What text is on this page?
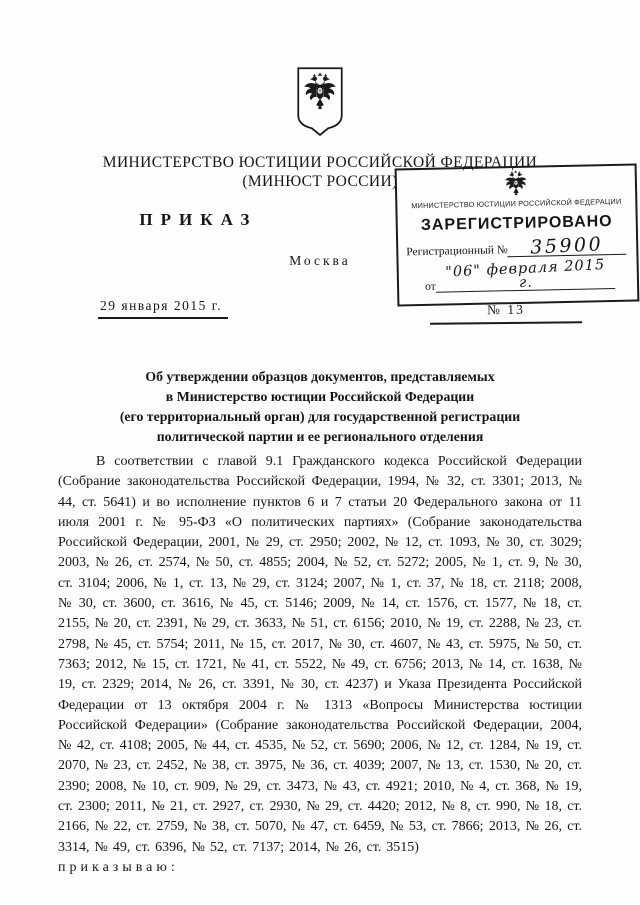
МИНИСТЕРСТВО ЮСТИЦИИ РОССИЙСКОЙ ФЕДЕРАЦИИ
(МИНЮСТ РОССИИ)
ПРИКАЗ
Москва
29 января 2015 г.	№ 13
МИНИСТЕРСТВО ЮСТИЦИИ РОССИЙСКОЙ ФЕДЕРАЦИИ
ЗАРЕГИСТРИРОВАНО
Регистрационный №	35900
от
"06" февраля 2015 г.
Об утверждении образцов документов, представляемых
в Министерство юстиции Российской Федерации
(его территориальный орган) для государственной регистрации
политической партии и ее регионального отделения

В соответствии с главой 9.1 Гражданского кодекса Российской Федерации (Собрание законодательства Российской Федерации, 1994, № 32, ст. 3301; 2013, № 44, ст. 5641) и во исполнение пунктов 6 и 7 статьи 20 Федерального закона от 11 июля 2001 г. № 95-ФЗ «О политических партиях» (Собрание законодательства Российской Федерации, 2001, № 29, ст. 2950; 2002, № 12, ст. 1093, № 30, ст. 3029; 2003, № 26, ст. 2574, № 50, ст. 4855; 2004, № 52, ст. 5272; 2005, № 1, ст. 9, № 30, ст. 3104; 2006, № 1, ст. 13, № 29, ст. 3124; 2007, № 1, ст. 37, № 18, ст. 2118; 2008, № 30, ст. 3600, ст. 3616, № 45, ст. 5146; 2009, № 14, ст. 1576, ст. 1577, № 18, ст. 2155, № 20, ст. 2391, № 29, ст. 3633, № 51, ст. 6156; 2010, № 19, ст. 2288, № 23, ст. 2798, № 45, ст. 5754; 2011, № 15, ст. 2017, № 30, ст. 4607, № 43, ст. 5975, № 50, ст. 7363; 2012, № 15, ст. 1721, № 41, ст. 5522, № 49, ст. 6756; 2013, № 14, ст. 1638, № 19, ст. 2329; 2014, № 26, ст. 3391, № 30, ст. 4237) и Указа Президента Российской Федерации от 13 октября 2004 г. № 1313 «Вопросы Министерства юстиции Российской Федерации» (Собрание законодательства Российской Федерации, 2004, № 42, ст. 4108; 2005, № 44, ст. 4535, № 52, ст. 5690; 2006, № 12, ст. 1284, № 19, ст. 2070, № 23, ст. 2452, № 38, ст. 3975, № 36, ст. 4039; 2007, № 13, ст. 1530, № 20, ст. 2390; 2008, № 10, ст. 909, № 29, ст. 3473, № 43, ст. 4921; 2010, № 4, ст. 368, № 19, ст. 2300; 2011, № 21, ст. 2927, ст. 2930, № 29, ст. 4420; 2012, № 8, ст. 990, № 18, ст. 2166, № 22, ст. 2759, № 38, ст. 5070, № 47, ст. 6459, № 53, ст. 7866; 2013, № 26, ст. 3314, № 49, ст. 6396, № 52, ст. 7137; 2014, № 26, ст. 3515)

приказываю:
